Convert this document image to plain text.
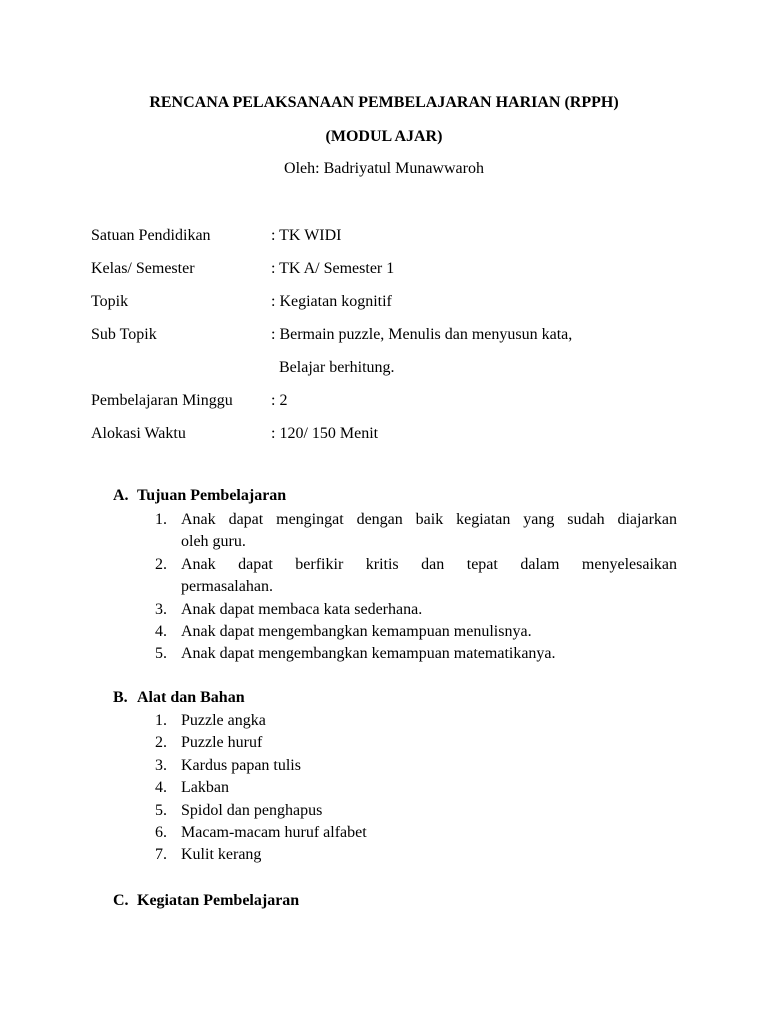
RENCANA PELAKSANAAN PEMBELAJARAN HARIAN (RPPH)
(MODUL AJAR)
Oleh: Badriyatul Munawwaroh
Satuan Pendidikan	: TK WIDI
Kelas/ Semester	: TK A/ Semester 1
Topik	: Kegiatan kognitif
Sub Topik	: Bermain puzzle, Menulis dan menyusun kata,
Belajar berhitung.
Pembelajaran Minggu : 2
Alokasi Waktu	: 120/ 150 Menit
A. Tujuan Pembelajaran
1. Anak dapat mengingat dengan baik kegiatan yang sudah diajarkan
oleh guru.
2. Anak dapat berfikir kritis dan tepat dalam menyelesaikan
permasalahan.
3. Anak dapat membaca kata sederhana.
4. Anak dapat mengembangkan kemampuan menulisnya.
5. Anak dapat mengembangkan kemampuan matematikanya.
B. Alat dan Bahan
1. Puzzle angka
2. Puzzle huruf
3. Kardus papan tulis
4. Lakban
5. Spidol dan penghapus
6. Macam-macam huruf alfabet
7. Kulit kerang
C. Kegiatan Pembelajaran
